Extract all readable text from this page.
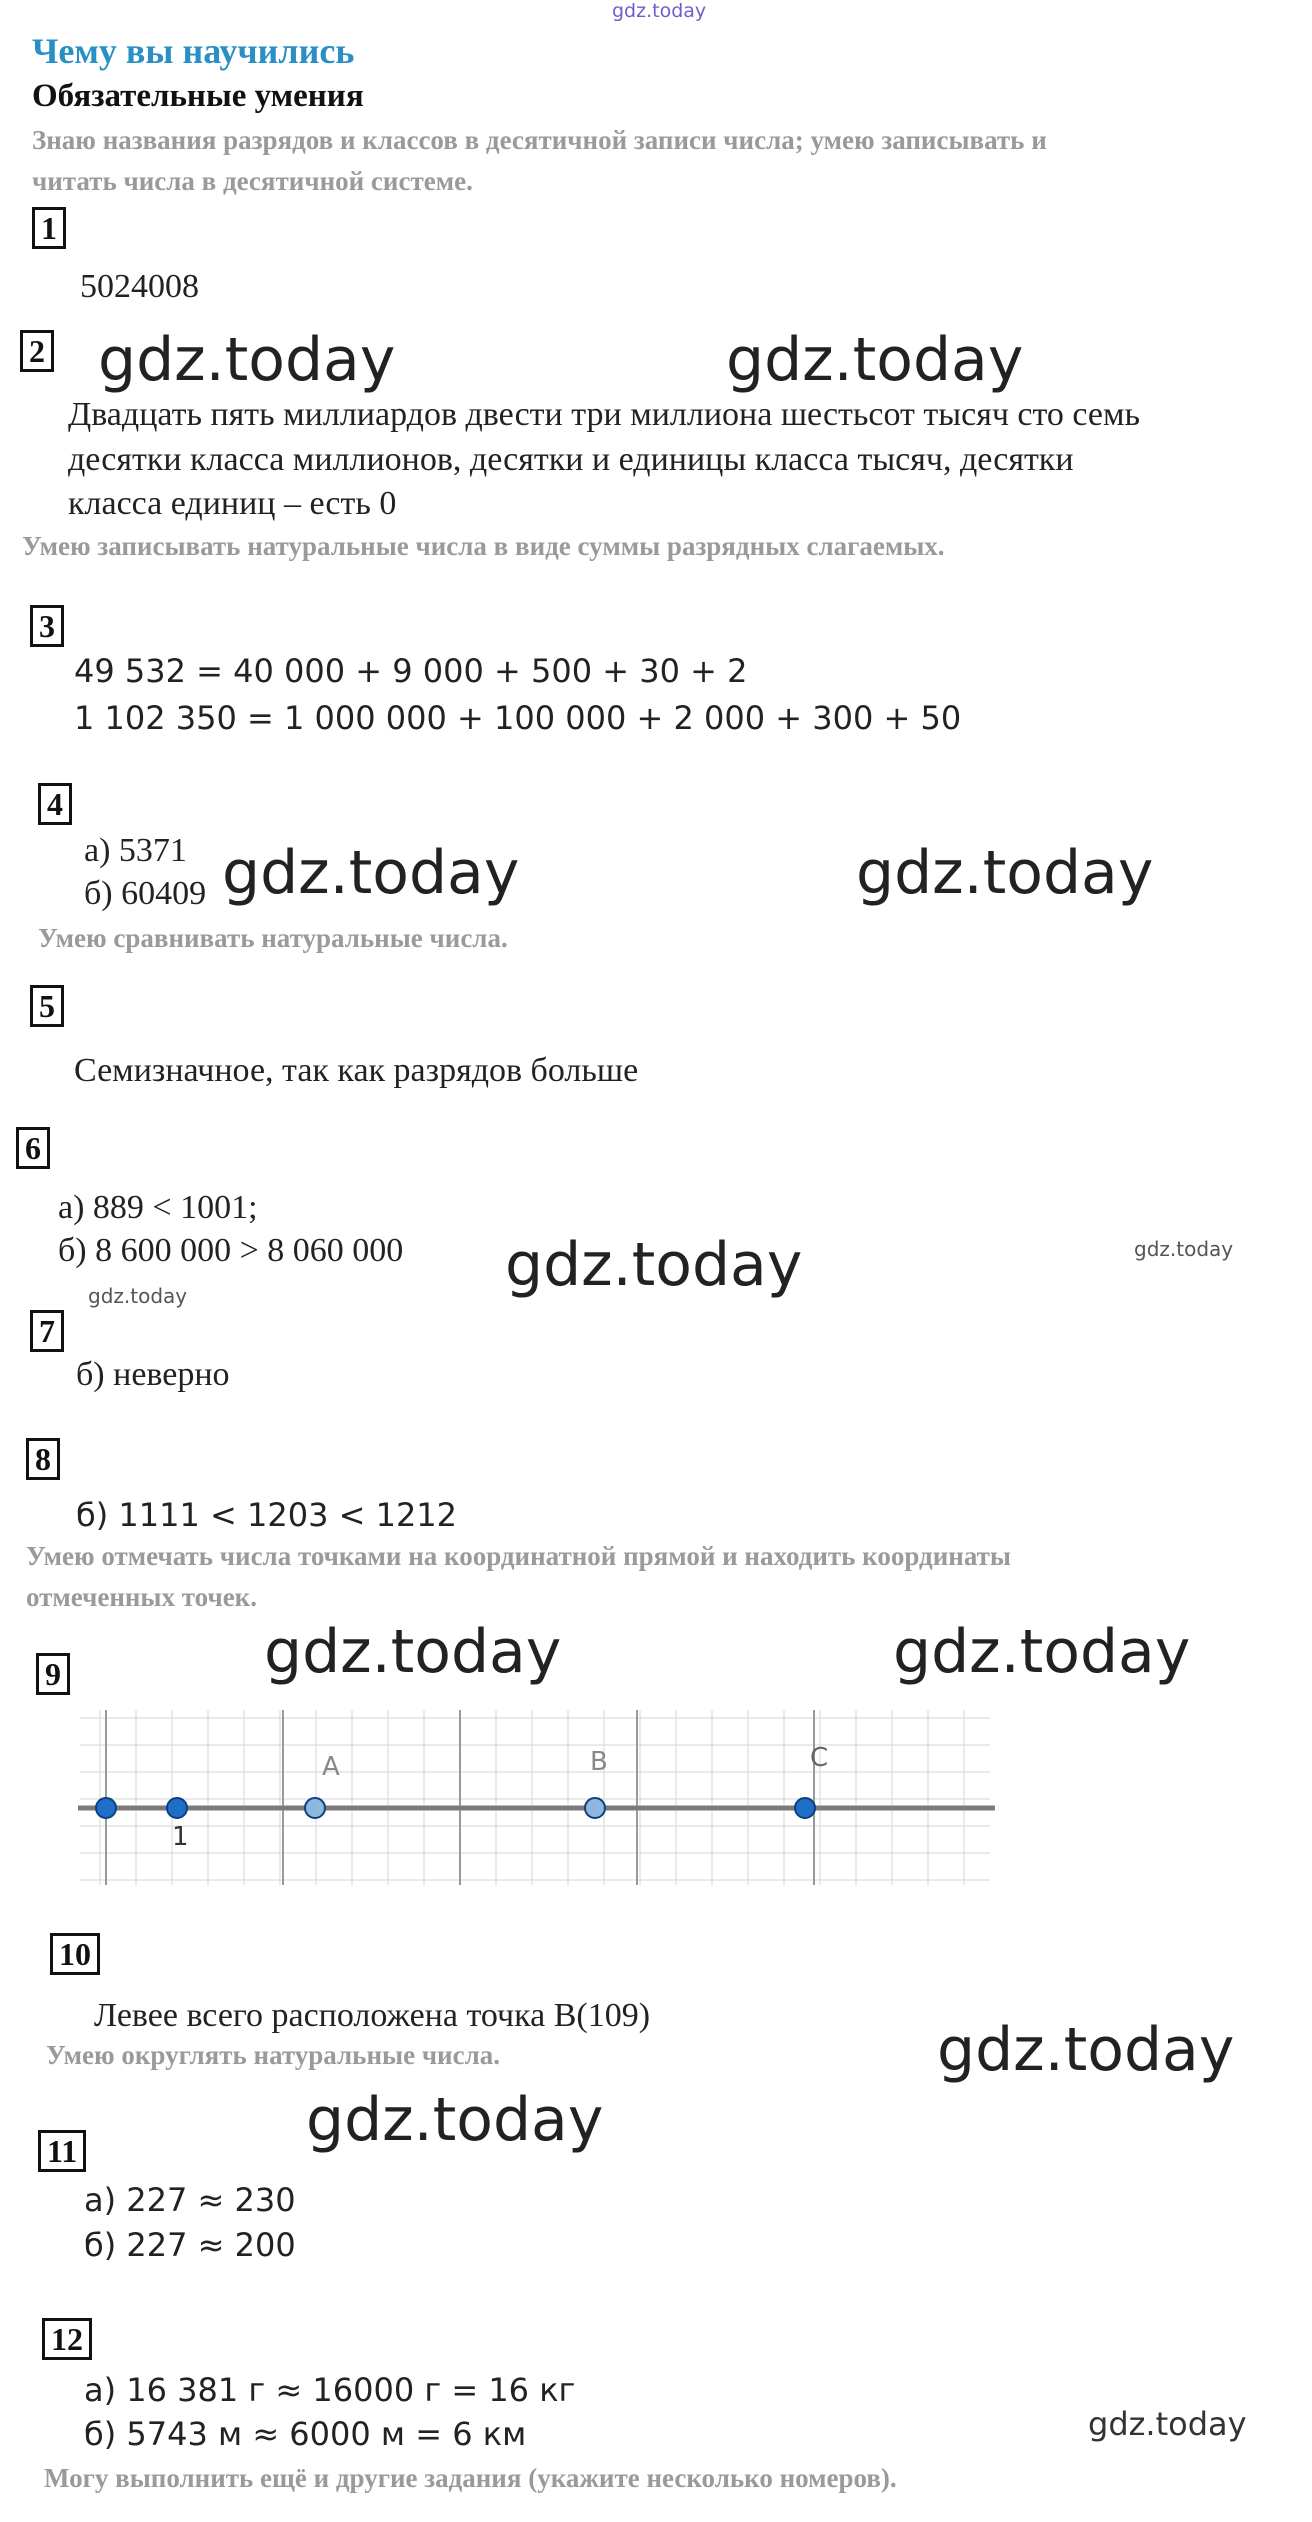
gdz.today
gdz.today	gdz.today
gdz.today	gdz.today
gdz.today	gdz.today
gdz.today
gdz.today	gdz.today
gdz.today
gdz.today
gdz.today
Чему вы научились
Обязательные умения
Знаю названия разрядов и классов в десятичной записи числа; умею записывать и
читать числа в десятичной системе.
1
5024008
2
Двадцать пять миллиардов двести три миллиона шестьсот тысяч сто семь
десятки класса миллионов, десятки и единицы класса тысяч, десятки
класса единиц – есть 0
Умею записывать натуральные числа в виде суммы разрядных слагаемых.
3
49 532 = 40 000 + 9 000 + 500 + 30 + 2
1 102 350 = 1 000 000 + 100 000 + 2 000 + 300 + 50
4
а) 5371
б) 60409
Умею сравнивать натуральные числа.
5
Семизначное, так как разрядов больше
6
а) 889 < 1001;
б) 8 600 000 > 8 060 000
7
б) неверно
8
б) 1111 < 1203 < 1212
Умею отмечать числа точками на координатной прямой и находить координаты
отмеченных точек.
9
1
A	B	C
10
Левее всего расположена точка B(109)
Умею округлять натуральные числа.
11
а) 227 ≈ 230
б) 227 ≈ 200
12
а) 16 381 г ≈ 16000 г = 16 кг
б) 5743 м ≈ 6000 м = 6 км
Могу выполнить ещё и другие задания (укажите несколько номеров).
